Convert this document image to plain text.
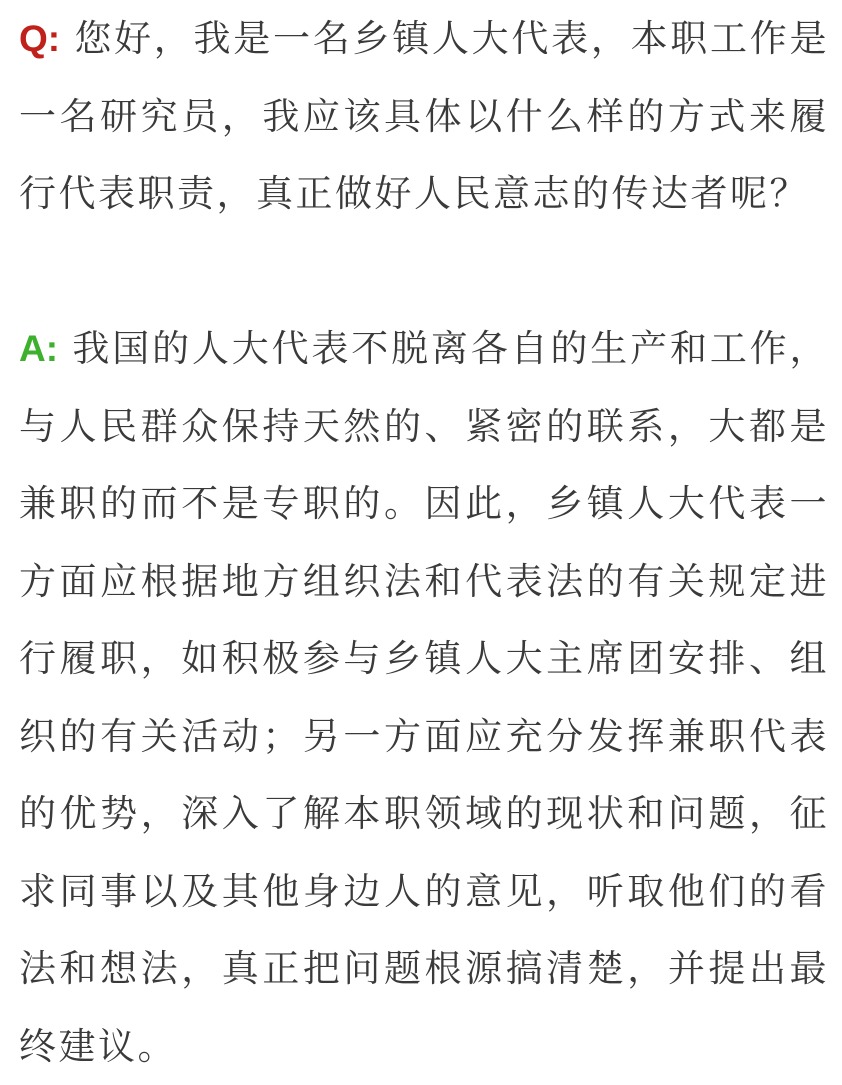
Q: 您好，我是一名乡镇人大代表，本职工作是一名研究员，我应该具体以什么样的方式来履行代表职责，真正做好人民意志的传达者呢？

A: 我国的人大代表不脱离各自的生产和工作，与人民群众保持天然的、紧密的联系，大都是兼职的而不是专职的。因此，乡镇人大代表一方面应根据地方组织法和代表法的有关规定进行履职，如积极参与乡镇人大主席团安排、组织的有关活动；另一方面应充分发挥兼职代表的优势，深入了解本职领域的现状和问题，征求同事以及其他身边人的意见，听取他们的看法和想法，真正把问题根源搞清楚，并提出最终建议。
